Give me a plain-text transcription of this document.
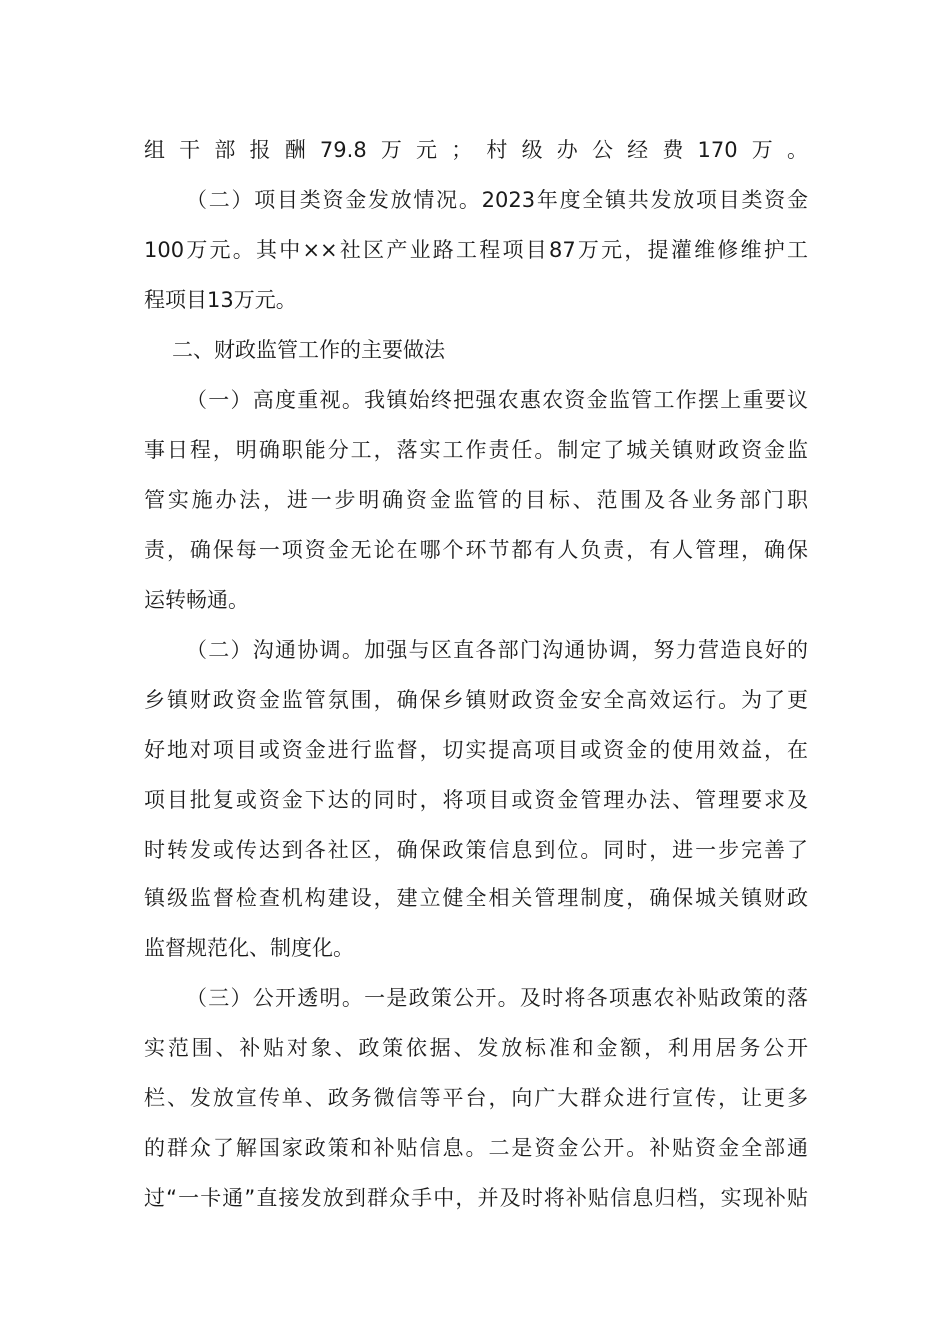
组干部报酬79.8万元；村级办公经费170万。
（二）项目类资金发放情况。2023年度全镇共发放项目类资金
100万元。其中××社区产业路工程项目87万元，提灌维修维护工
程项目13万元。
二、财政监管工作的主要做法
（一）高度重视。我镇始终把强农惠农资金监管工作摆上重要议
事日程，明确职能分工，落实工作责任。制定了城关镇财政资金监
管实施办法，进一步明确资金监管的目标、范围及各业务部门职
责，确保每一项资金无论在哪个环节都有人负责，有人管理，确保
运转畅通。
（二）沟通协调。加强与区直各部门沟通协调，努力营造良好的
乡镇财政资金监管氛围，确保乡镇财政资金安全高效运行。为了更
好地对项目或资金进行监督，切实提高项目或资金的使用效益，在
项目批复或资金下达的同时，将项目或资金管理办法、管理要求及
时转发或传达到各社区，确保政策信息到位。同时，进一步完善了
镇级监督检查机构建设，建立健全相关管理制度，确保城关镇财政
监督规范化、制度化。
（三）公开透明。一是政策公开。及时将各项惠农补贴政策的落
实范围、补贴对象、政策依据、发放标准和金额，利用居务公开
栏、发放宣传单、政务微信等平台，向广大群众进行宣传，让更多
的群众了解国家政策和补贴信息。二是资金公开。补贴资金全部通
过“一卡通”直接发放到群众手中，并及时将补贴信息归档，实现补贴
